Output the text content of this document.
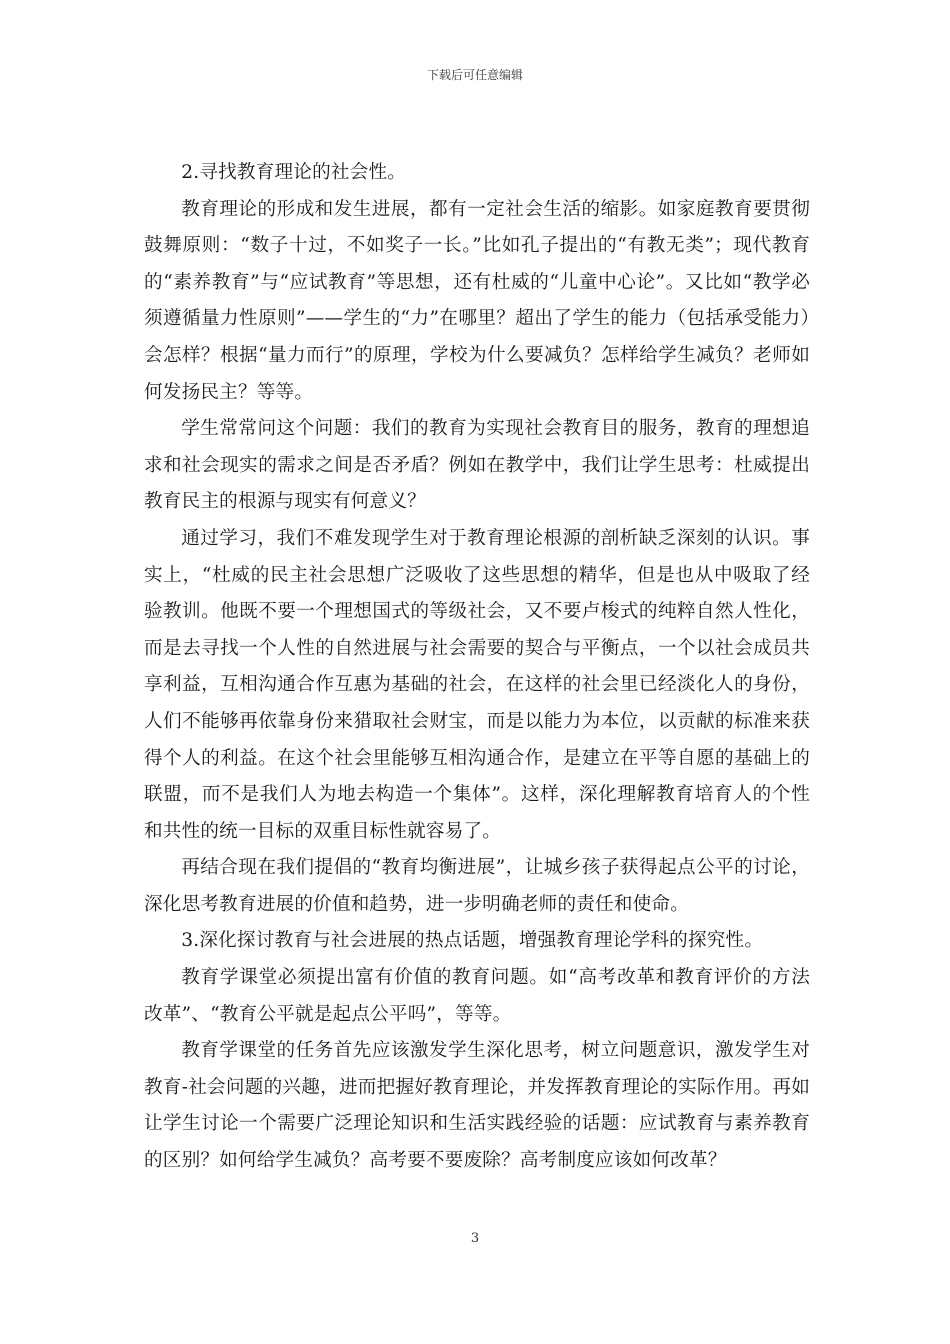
下载后可任意编辑

2.寻找教育理论的社会性。

教育理论的形成和发生进展，都有一定社会生活的缩影。如家庭教育要贯彻鼓舞原则：“数子十过，不如奖子一长。”比如孔子提出的“有教无类”；现代教育的“素养教育”与“应试教育”等思想，还有杜威的“儿童中心论”。又比如“教学必须遵循量力性原则”——学生的“力”在哪里？超出了学生的能力（包括承受能力）会怎样？根据“量力而行”的原理，学校为什么要减负？怎样给学生减负？老师如何发扬民主？等等。

学生常常问这个问题：我们的教育为实现社会教育目的服务，教育的理想追求和社会现实的需求之间是否矛盾？例如在教学中，我们让学生思考：杜威提出教育民主的根源与现实有何意义？

通过学习，我们不难发现学生对于教育理论根源的剖析缺乏深刻的认识。事实上，“杜威的民主社会思想广泛吸收了这些思想的精华，但是也从中吸取了经验教训。他既不要一个理想国式的等级社会，又不要卢梭式的纯粹自然人性化，而是去寻找一个人性的自然进展与社会需要的契合与平衡点，一个以社会成员共享利益，互相沟通合作互惠为基础的社会，在这样的社会里已经淡化人的身份，人们不能够再依靠身份来猎取社会财宝，而是以能力为本位，以贡献的标准来获得个人的利益。在这个社会里能够互相沟通合作，是建立在平等自愿的基础上的联盟，而不是我们人为地去构造一个集体”。这样，深化理解教育培育人的个性和共性的统一目标的双重目标性就容易了。

再结合现在我们提倡的“教育均衡进展”，让城乡孩子获得起点公平的讨论，深化思考教育进展的价值和趋势，进一步明确老师的责任和使命。

3.深化探讨教育与社会进展的热点话题，增强教育理论学科的探究性。

教育学课堂必须提出富有价值的教育问题。如“高考改革和教育评价的方法改革”、“教育公平就是起点公平吗”，等等。

教育学课堂的任务首先应该激发学生深化思考，树立问题意识，激发学生对教育-社会问题的兴趣，进而把握好教育理论，并发挥教育理论的实际作用。再如让学生讨论一个需要广泛理论知识和生活实践经验的话题：应试教育与素养教育的区别？如何给学生减负？高考要不要废除？高考制度应该如何改革？

3
